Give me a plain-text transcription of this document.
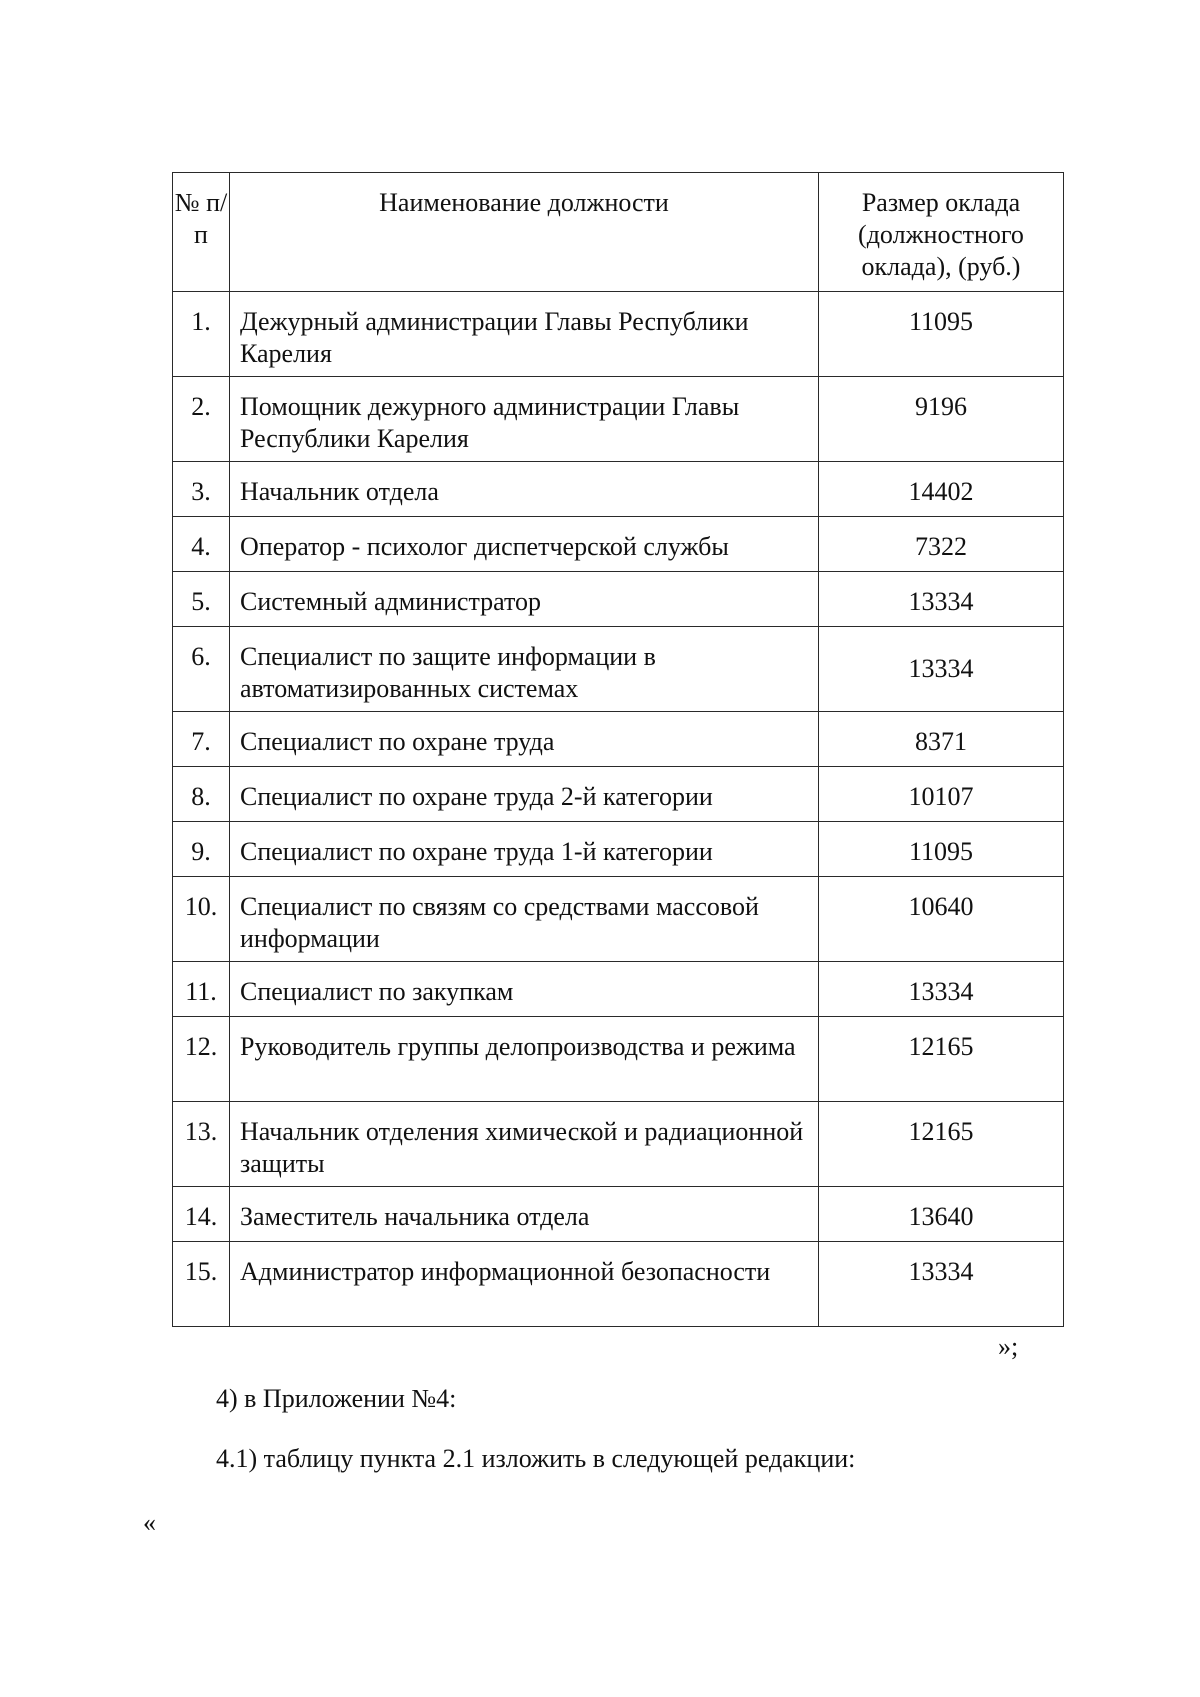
№ п/п	Наименование должности	Размер оклада (должностного оклада), (руб.)
1.	Дежурный администрации Главы Республики Карелия	11095
2.	Помощник дежурного администрации Главы Республики Карелия	9196
3.	Начальник отдела	14402
4.	Оператор - психолог диспетчерской службы	7322
5.	Системный администратор	13334
6.	Специалист по защите информации в автоматизированных системах	13334
7.	Специалист по охране труда	8371
8.	Специалист по охране труда 2-й категории	10107
9.	Специалист по охране труда 1-й категории	11095
10.	Специалист по связям со средствами массовой информации	10640
11.	Специалист по закупкам	13334
12.	Руководитель группы делопроизводства и режима	12165
13.	Начальник отделения химической и радиационной защиты	12165
14.	Заместитель начальника отдела	13640
15.	Администратор информационной безопасности	13334
»;
4) в Приложении №4:
4.1) таблицу пункта 2.1 изложить в следующей редакции:
«
